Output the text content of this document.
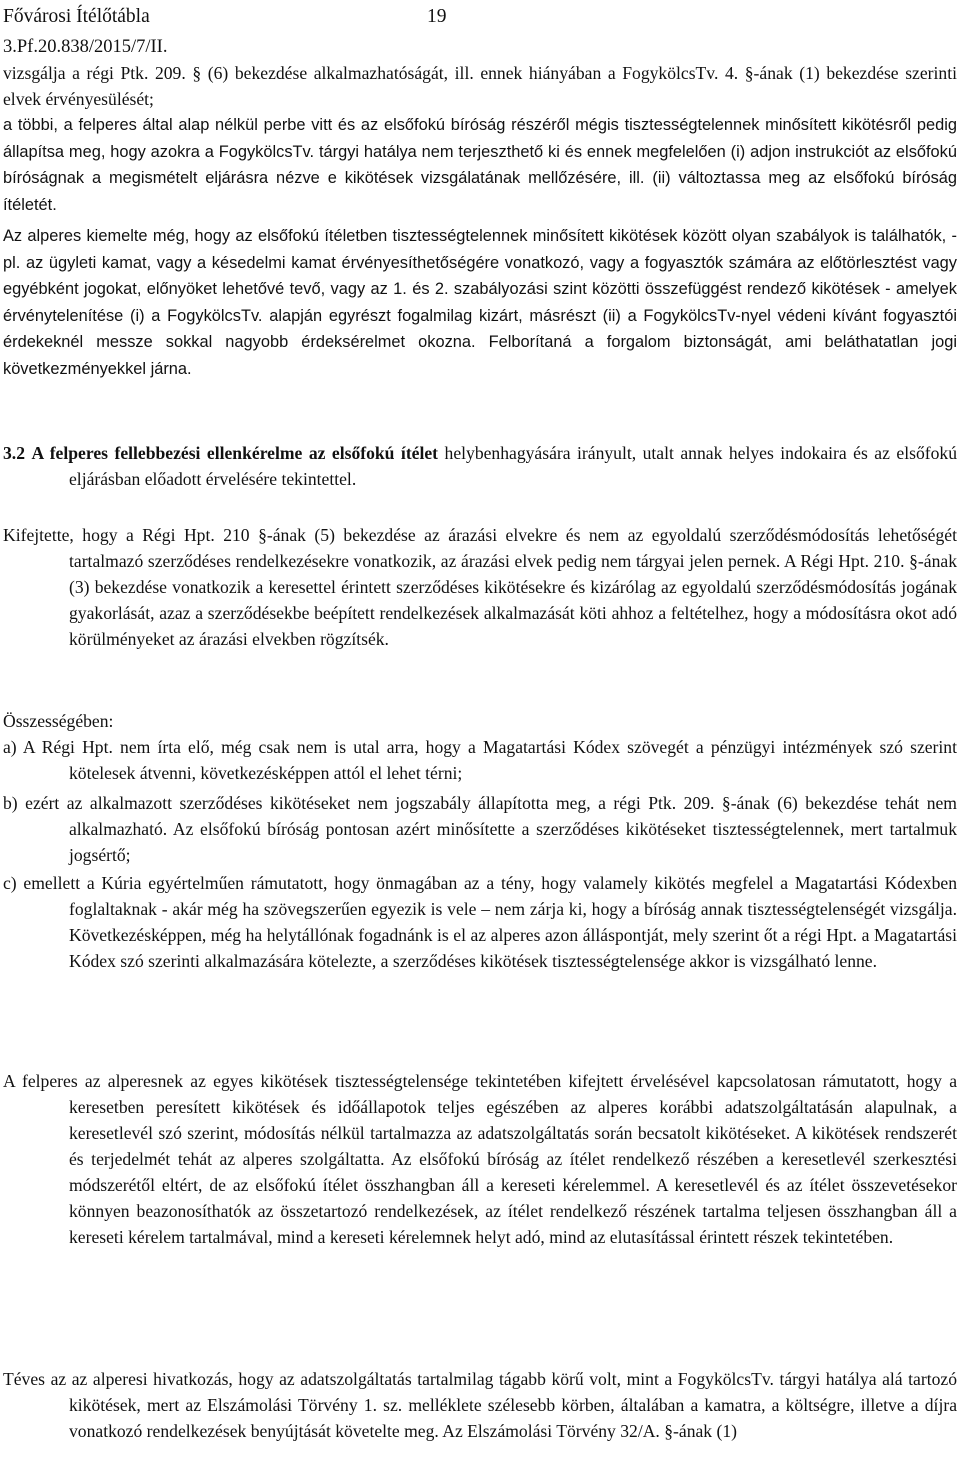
Fővárosi Ítélőtábla	19
3.Pf.20.838/2015/7/II.

vizsgálja a régi Ptk. 209. § (6) bekezdése alkalmazhatóságát, ill. ennek hiányában a FogykölcsTv. 4. §-ának (1) bekezdése szerinti elvek érvényesülését;

a többi, a felperes által alap nélkül perbe vitt és az elsőfokú bíróság részéről mégis tisztességtelennek minősített kikötésről pedig állapítsa meg, hogy azokra a FogykölcsTv. tárgyi hatálya nem terjeszthető ki és ennek megfelelően (i) adjon instrukciót az elsőfokú bíróságnak a megismételt eljárásra nézve e kikötések vizsgálatának mellőzésére, ill. (ii) változtassa meg az elsőfokú bíróság ítéletét.

Az alperes kiemelte még, hogy az elsőfokú ítéletben tisztességtelennek minősített kikötések között olyan szabályok is találhatók, - pl. az ügyleti kamat, vagy a késedelmi kamat érvényesíthetőségére vonatkozó, vagy a fogyasztók számára az előtörlesztést vagy egyébként jogokat, előnyöket lehetővé tevő, vagy az 1. és 2. szabályozási szint közötti összefüggést rendező kikötések - amelyek érvénytelenítése (i) a FogykölcsTv. alapján egyrészt fogalmilag kizárt, másrészt (ii) a FogykölcsTv-nyel védeni kívánt fogyasztói érdekeknél messze sokkal nagyobb érdeksérelmet okozna. Felborítaná a forgalom biztonságát, ami beláthatatlan jogi következményekkel járna.

3.2 A felperes fellebbezési ellenkérelme az elsőfokú ítélet helybenhagyására irányult, utalt annak helyes indokaira és az elsőfokú eljárásban előadott érvelésére tekintettel.

Kifejtette, hogy a Régi Hpt. 210 §-ának (5) bekezdése az árazási elvekre és nem az egyoldalú szerződésmódosítás lehetőségét tartalmazó szerződéses rendelkezésekre vonatkozik, az árazási elvek pedig nem tárgyai jelen pernek. A Régi Hpt. 210. §-ának (3) bekezdése vonatkozik a keresettel érintett szerződéses kikötésekre és kizárólag az egyoldalú szerződésmódosítás jogának gyakorlását, azaz a szerződésekbe beépített rendelkezések alkalmazását köti ahhoz a feltételhez, hogy a módosításra okot adó körülményeket az árazási elvekben rögzítsék.

Összességében:

a) A Régi Hpt. nem írta elő, még csak nem is utal arra, hogy a Magatartási Kódex szövegét a pénzügyi intézmények szó szerint kötelesek átvenni, következésképpen attól el lehet térni;

b) ezért az alkalmazott szerződéses kikötéseket nem jogszabály állapította meg, a régi Ptk. 209. §-ának (6) bekezdése tehát nem alkalmazható. Az elsőfokú bíróság pontosan azért minősítette a szerződéses kikötéseket tisztességtelennek, mert tartalmuk jogsértő;

c) emellett a Kúria egyértelműen rámutatott, hogy önmagában az a tény, hogy valamely kikötés megfelel a Magatartási Kódexben foglaltaknak - akár még ha szövegszerűen egyezik is vele – nem zárja ki, hogy a bíróság annak tisztességtelenségét vizsgálja. Következésképpen, még ha helytállónak fogadnánk is el az alperes azon álláspontját, mely szerint őt a régi Hpt. a Magatartási Kódex szó szerinti alkalmazására kötelezte, a szerződéses kikötések tisztességtelensége akkor is vizsgálható lenne.

A felperes az alperesnek az egyes kikötések tisztességtelensége tekintetében kifejtett érvelésével kapcsolatosan rámutatott, hogy a keresetben peresített kikötések és időállapotok teljes egészében az alperes korábbi adatszolgáltatásán alapulnak, a keresetlevél szó szerint, módosítás nélkül tartalmazza az adatszolgáltatás során becsatolt kikötéseket. A kikötések rendszerét és terjedelmét tehát az alperes szolgáltatta. Az elsőfokú bíróság az ítélet rendelkező részében a keresetlevél szerkesztési módszerétől eltért, de az elsőfokú ítélet összhangban áll a kereseti kérelemmel. A keresetlevél és az ítélet összevetésekor könnyen beazonosíthatók az összetartozó rendelkezések, az ítélet rendelkező részének tartalma teljesen összhangban áll a kereseti kérelem tartalmával, mind a kereseti kérelemnek helyt adó, mind az elutasítással érintett részek tekintetében.

Téves az az alperesi hivatkozás, hogy az adatszolgáltatás tartalmilag tágabb körű volt, mint a FogykölcsTv. tárgyi hatálya alá tartozó kikötések, mert az Elszámolási Törvény 1. sz. melléklete szélesebb körben, általában a kamatra, a költségre, illetve a díjra vonatkozó rendelkezések benyújtását követelte meg. Az Elszámolási Törvény 32/A. §-ának (1)
